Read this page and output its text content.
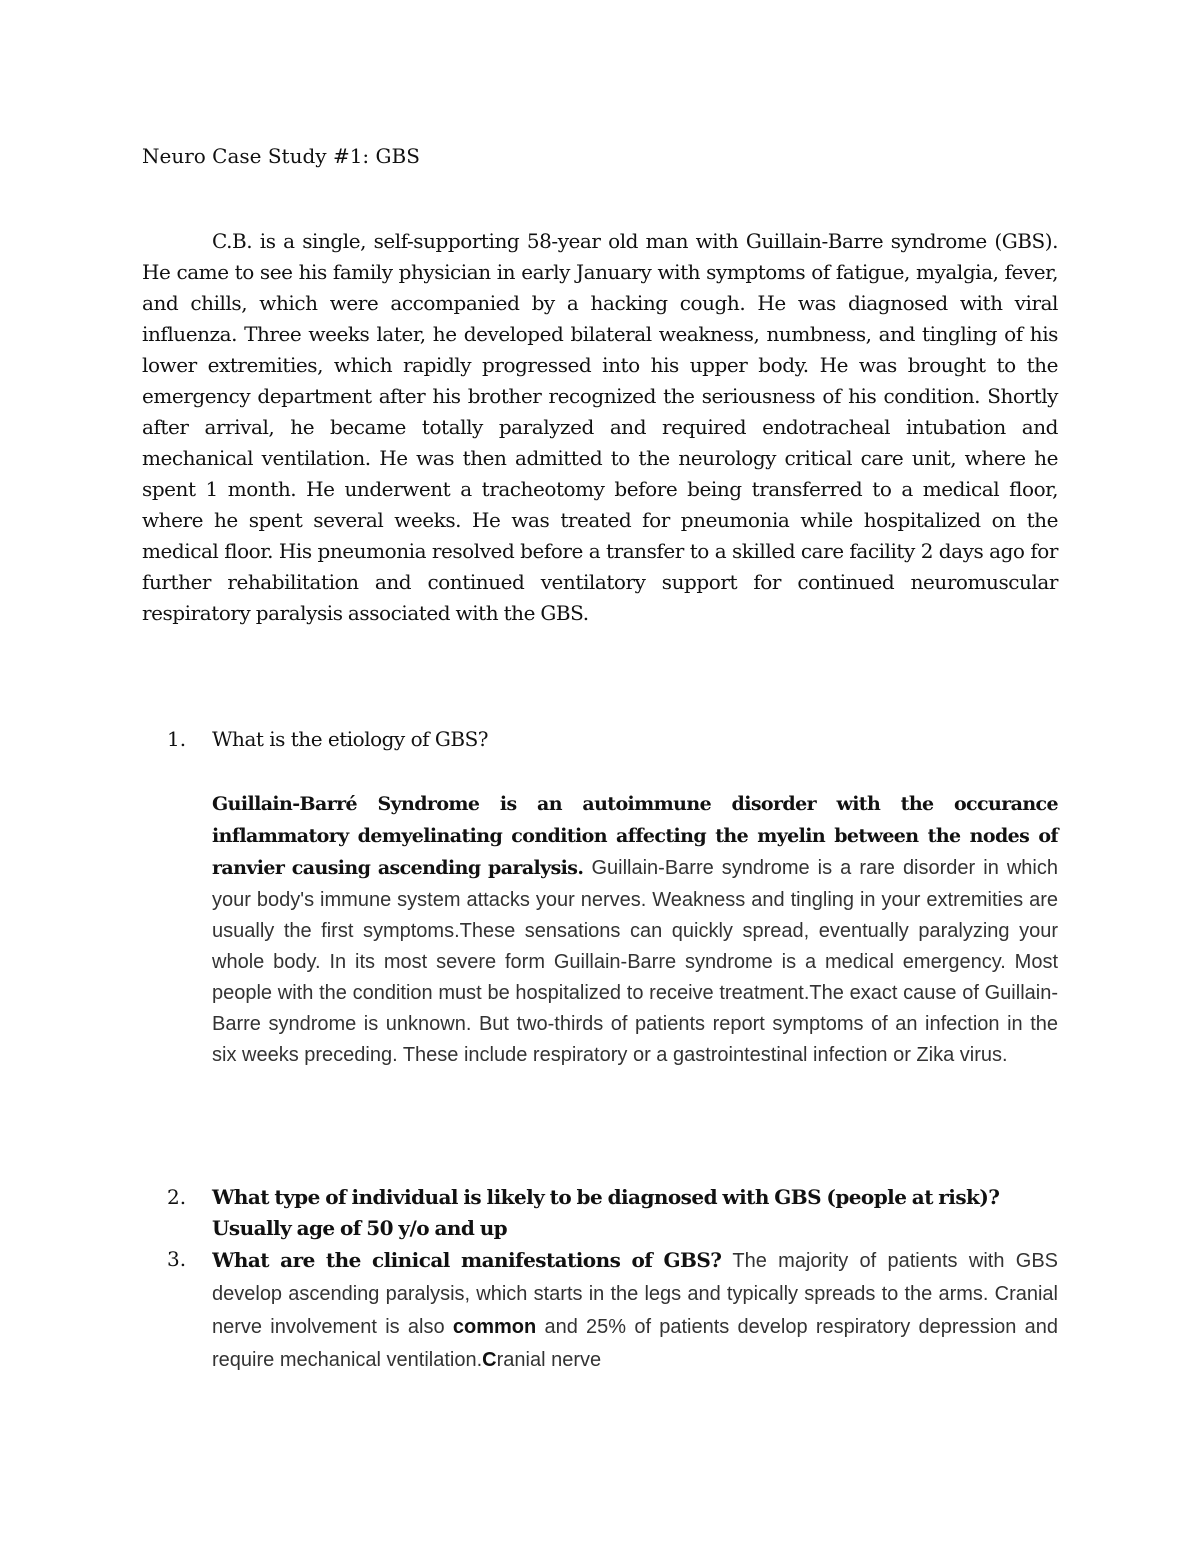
Neuro Case Study #1: GBS

C.B. is a single, self-supporting 58-year old man with Guillain-Barre syndrome (GBS). He came to see his family physician in early January with symptoms of fatigue, myalgia, fever, and chills, which were accompanied by a hacking cough. He was diagnosed with viral influenza. Three weeks later, he developed bilateral weakness, numbness, and tingling of his lower extremities, which rapidly progressed into his upper body. He was brought to the emergency department after his brother recognized the seriousness of his condition. Shortly after arrival, he became totally paralyzed and required endotracheal intubation and mechanical ventilation. He was then admitted to the neurology critical care unit, where he spent 1 month. He underwent a tracheotomy before being transferred to a medical floor, where he spent several weeks. He was treated for pneumonia while hospitalized on the medical floor. His pneumonia resolved before a transfer to a skilled care facility 2 days ago for further rehabilitation and continued ventilatory support for continued neuromuscular respiratory paralysis associated with the GBS.

1. What is the etiology of GBS?

Guillain-Barré Syndrome is an autoimmune disorder with the occurance inflammatory demyelinating condition affecting the myelin between the nodes of ranvier causing ascending paralysis. Guillain-Barre syndrome is a rare disorder in which your body's immune system attacks your nerves. Weakness and tingling in your extremities are usually the first symptoms.These sensations can quickly spread, eventually paralyzing your whole body. In its most severe form Guillain-Barre syndrome is a medical emergency. Most people with the condition must be hospitalized to receive treatment.The exact cause of Guillain-Barre syndrome is unknown. But two-thirds of patients report symptoms of an infection in the six weeks preceding. These include respiratory or a gastrointestinal infection or Zika virus.

2. What type of individual is likely to be diagnosed with GBS (people at risk)?
Usually age of 50 y/o and up
3. What are the clinical manifestations of GBS? The majority of patients with GBS develop ascending paralysis, which starts in the legs and typically spreads to the arms. Cranial nerve involvement is also common and 25% of patients develop respiratory depression and require mechanical ventilation.Cranial nerve
